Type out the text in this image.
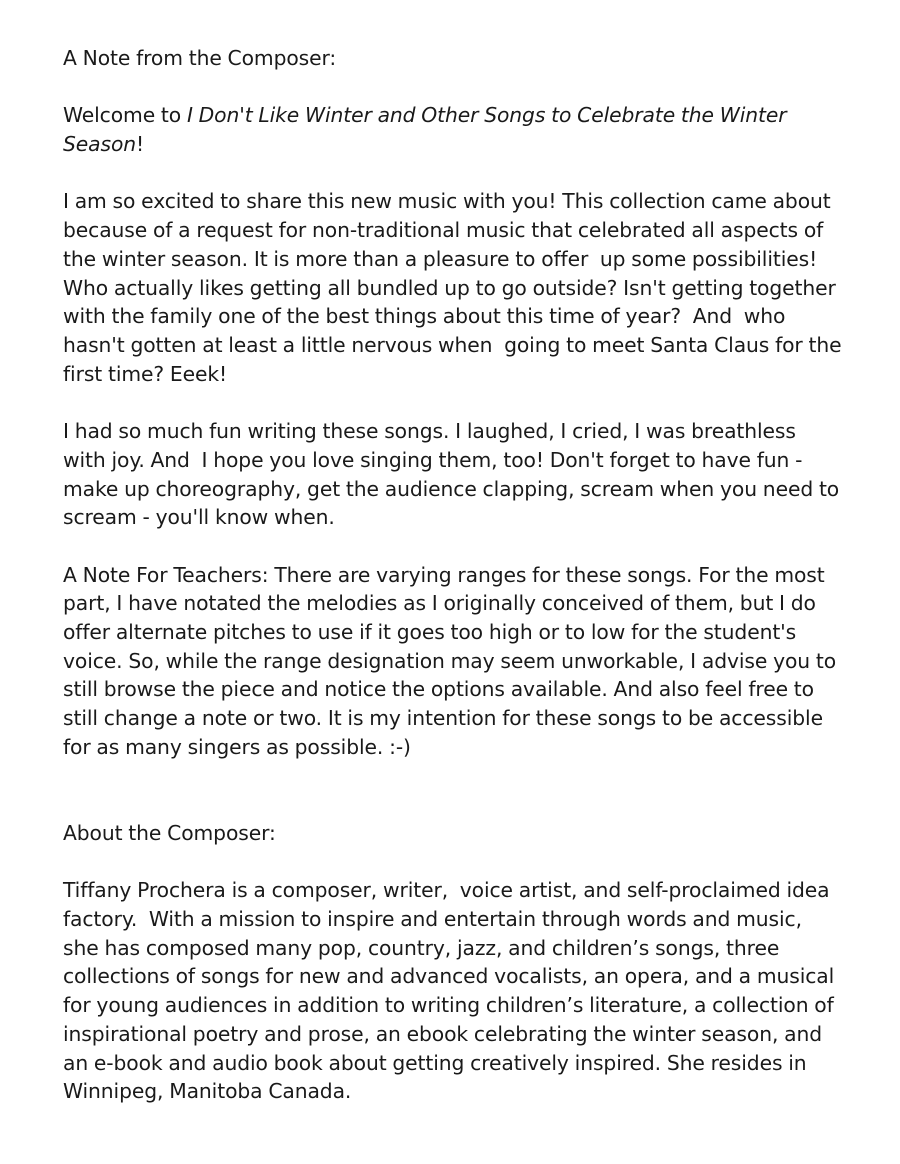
A Note from the Composer:

Welcome to I Don't Like Winter and Other Songs to Celebrate the Winter Season!

I am so excited to share this new music with you! This collection came about because of a request for non-traditional music that celebrated all aspects of the winter season. It is more than a pleasure to offer  up some possibilities! Who actually likes getting all bundled up to go outside? Isn't getting together with the family one of the best things about this time of year?  And  who hasn't gotten at least a little nervous when  going to meet Santa Claus for the first time? Eeek!

I had so much fun writing these songs. I laughed, I cried, I was breathless with joy. And  I hope you love singing them, too! Don't forget to have fun - make up choreography, get the audience clapping, scream when you need to scream - you'll know when.

A Note For Teachers: There are varying ranges for these songs. For the most part, I have notated the melodies as I originally conceived of them, but I do offer alternate pitches to use if it goes too high or to low for the student's voice. So, while the range designation may seem unworkable, I advise you to still browse the piece and notice the options available. And also feel free to still change a note or two. It is my intention for these songs to be accessible for as many singers as possible. :-)

About the Composer:

Tiffany Prochera is a composer, writer,  voice artist, and self-proclaimed idea factory.  With a mission to inspire and entertain through words and music, she has composed many pop, country, jazz, and children’s songs, three collections of songs for new and advanced vocalists, an opera, and a musical for young audiences in addition to writing children’s literature, a collection of inspirational poetry and prose, an ebook celebrating the winter season, and an e-book and audio book about getting creatively inspired. She resides in Winnipeg, Manitoba Canada.
